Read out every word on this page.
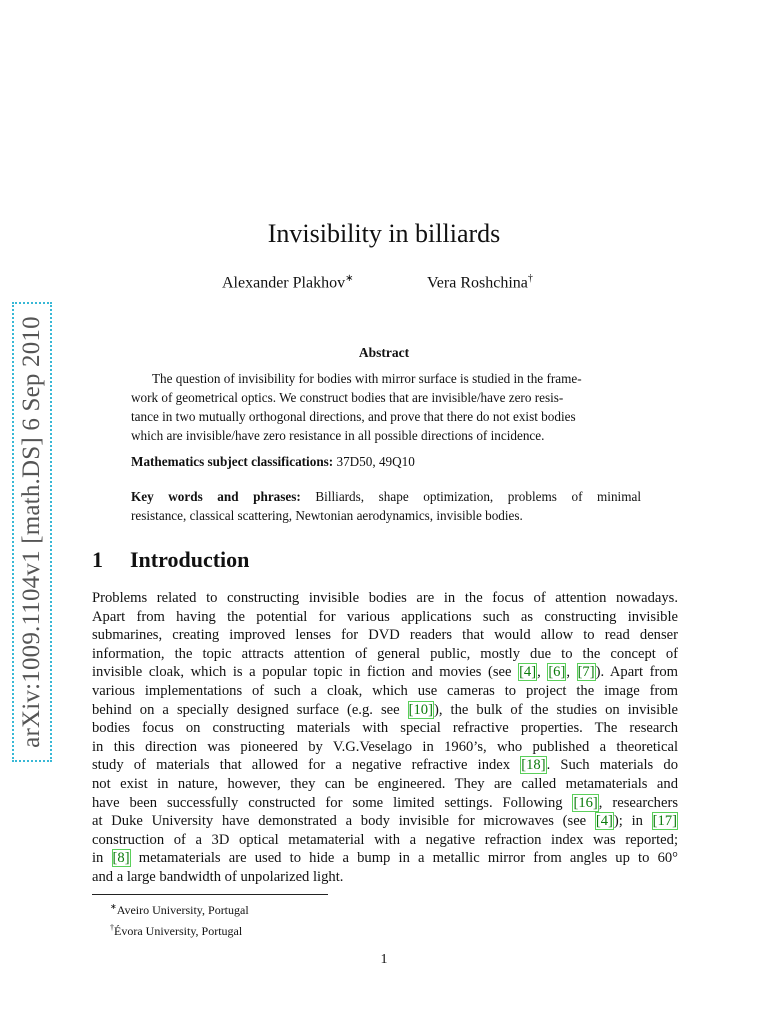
arXiv:1009.1104v1 [math.DS] 6 Sep 2010
Invisibility in billiards
Alexander Plakhov∗	Vera Roshchina†
Abstract
The question of invisibility for bodies with mirror surface is studied in the frame-
work of geometrical optics. We construct bodies that are invisible/have zero resis-
tance in two mutually orthogonal directions, and prove that there do not exist bodies
which are invisible/have zero resistance in all possible directions of incidence.
Mathematics subject classifications: 37D50, 49Q10
Key words and phrases: Billiards, shape optimization, problems of minimal
resistance, classical scattering, Newtonian aerodynamics, invisible bodies.
1 Introduction
Problems related to constructing invisible bodies are in the focus of attention nowadays.
Apart from having the potential for various applications such as constructing invisible
submarines, creating improved lenses for DVD readers that would allow to read denser
information, the topic attracts attention of general public, mostly due to the concept of
invisible cloak, which is a popular topic in fiction and movies (see [4], [6], [7]). Apart from
various implementations of such a cloak, which use cameras to project the image from
behind on a specially designed surface (e.g. see [10]), the bulk of the studies on invisible
bodies focus on constructing materials with special refractive properties. The research
in this direction was pioneered by V.G.Veselago in 1960’s, who published a theoretical
study of materials that allowed for a negative refractive index [18]. Such materials do
not exist in nature, however, they can be engineered. They are called metamaterials and
have been successfully constructed for some limited settings. Following [16], researchers
at Duke University have demonstrated a body invisible for microwaves (see [4]); in [17]
construction of a 3D optical metamaterial with a negative refraction index was reported;
in [8] metamaterials are used to hide a bump in a metallic mirror from angles up to 60°
and a large bandwidth of unpolarized light.
∗Aveiro University, Portugal
†Évora University, Portugal
1
